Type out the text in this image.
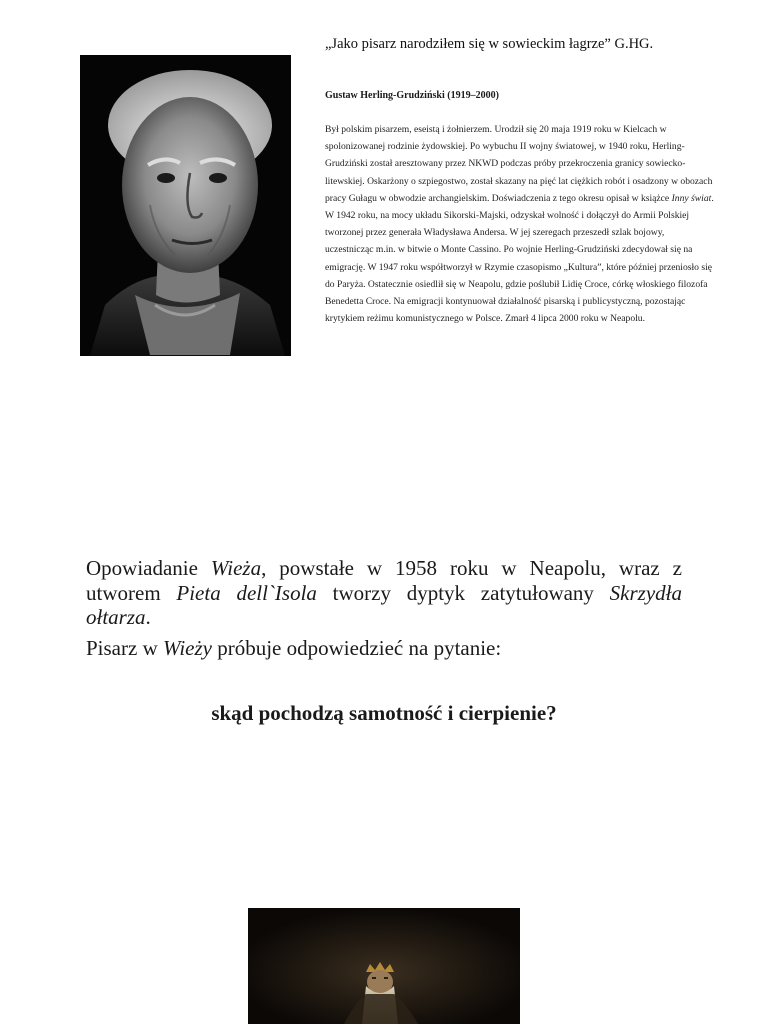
„Jako pisarz narodziłem się w sowieckim łagrze” G.HG.
Gustaw Herling-Grudziński (1919–2000)
Był polskim pisarzem, eseistą i żołnierzem. Urodził się 20 maja 1919 roku w Kielcach w spolonizowanej rodzinie żydowskiej. Po wybuchu II wojny światowej, w 1940 roku, Herling-Grudziński został aresztowany przez NKWD podczas próby przekroczenia granicy sowiecko-litewskiej. Oskarżony o szpiegostwo, został skazany na pięć lat ciężkich robót i osadzony w obozach pracy Gułagu w obwodzie archangielskim. Doświadczenia z tego okresu opisał w książce Inny świat. W 1942 roku, na mocy układu Sikorski-Majski, odzyskał wolność i dołączył do Armii Polskiej tworzonej przez generała Władysława Andersa. W jej szeregach przeszedł szlak bojowy, uczestnicząc m.in. w bitwie o Monte Cassino. Po wojnie Herling-Grudziński zdecydował się na emigrację. W 1947 roku współtworzył w Rzymie czasopismo „Kultura”, które później przeniosło się do Paryża. Ostatecznie osiedlił się w Neapolu, gdzie poślubił Lidię Croce, córkę włoskiego filozofa Benedetta Croce. Na emigracji kontynuował działalność pisarską i publicystyczną, pozostając krytykiem reżimu komunistycznego w Polsce. Zmarł 4 lipca 2000 roku w Neapolu.
Opowiadanie Wieża, powstałe w 1958 roku w Neapolu, wraz z utworem Pieta dell`Isola tworzy dyptyk zatytułowany Skrzydła ołtarza.
Pisarz w Wieży próbuje odpowiedzieć na pytanie:
skąd pochodzą samotność i cierpienie?
